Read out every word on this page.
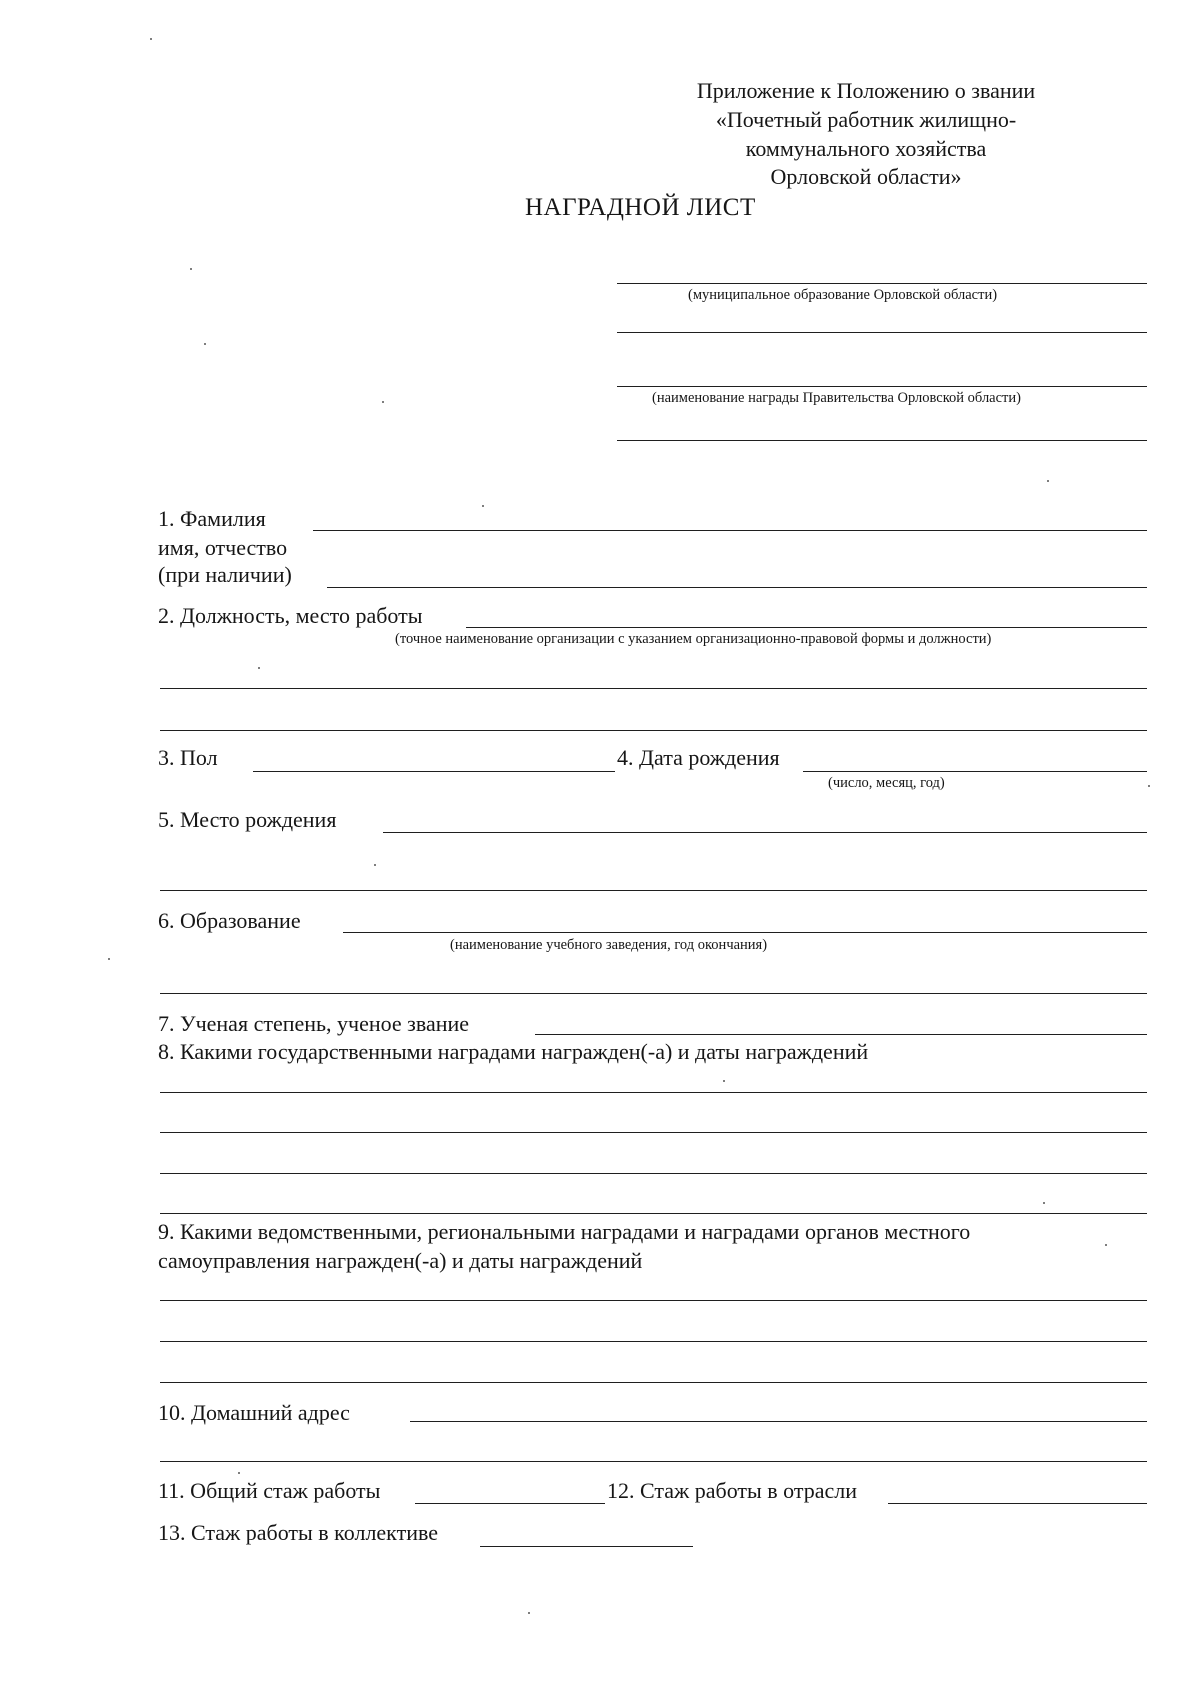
Приложение к Положению о звании
«Почетный работник жилищно-
коммунального хозяйства
Орловской области»
НАГРАДНОЙ ЛИСТ
(муниципальное образование Орловской области)
(наименование награды Правительства Орловской области)
1. Фамилия
имя, отчество
(при наличии)
2. Должность, место работы
(точное наименование организации с указанием организационно-правовой формы и должности)
3. Пол	4. Дата рождения
(число, месяц, год)
5. Место рождения
6. Образование
(наименование учебного заведения, год окончания)
7. Ученая степень, ученое звание
8. Какими государственными наградами награжден(-а) и даты награждений
9. Какими ведомственными, региональными наградами и наградами органов местного
самоуправления награжден(-а) и даты награждений
10. Домашний адрес
11. Общий стаж работы	12. Стаж работы в отрасли
13. Стаж работы в коллективе
